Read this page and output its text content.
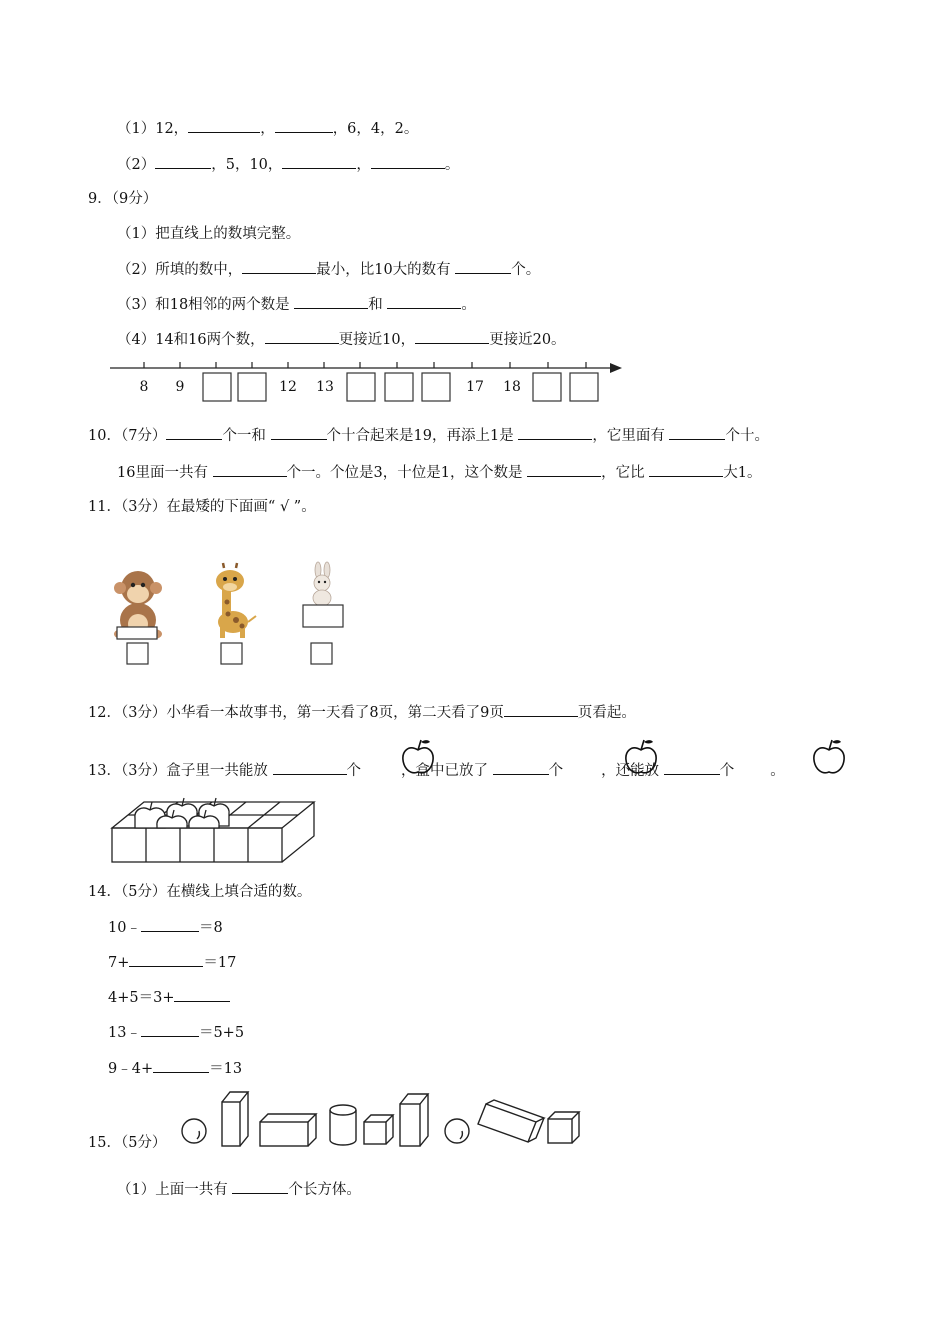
（1）12，	，	，6，4，2。
（2）	，5，10，	，	。
9．（9分）
（1）把直线上的数填完整。
（2）所填的数中，	最小，比10大的数有	个。
（3）和18相邻的两个数是	和	。
（4）14和16两个数，	更接近10，	更接近20。
8 9	12 13	17 18
10．（7分）	个一和	个十合起来是19，再添上1是	，它里面有	个十。
16里面一共有	个一。个位是3，十位是1，这个数是	，它比	大1。
11．（3分）在最矮的下面画“ √ ”。
12．（3分）小华看一本故事书，第一天看了8页，第二天看了9页	页看起。
13．（3分）盒子里一共能放	个	，盒中已放了	个	，还能放	个 。
14．（5分）在横线上填合适的数。
10﹣	＝8
7+	＝17
4+5＝3+
13﹣	＝5+5
9﹣4+	＝13
15．（5分）
（1）上面一共有	个长方体。
